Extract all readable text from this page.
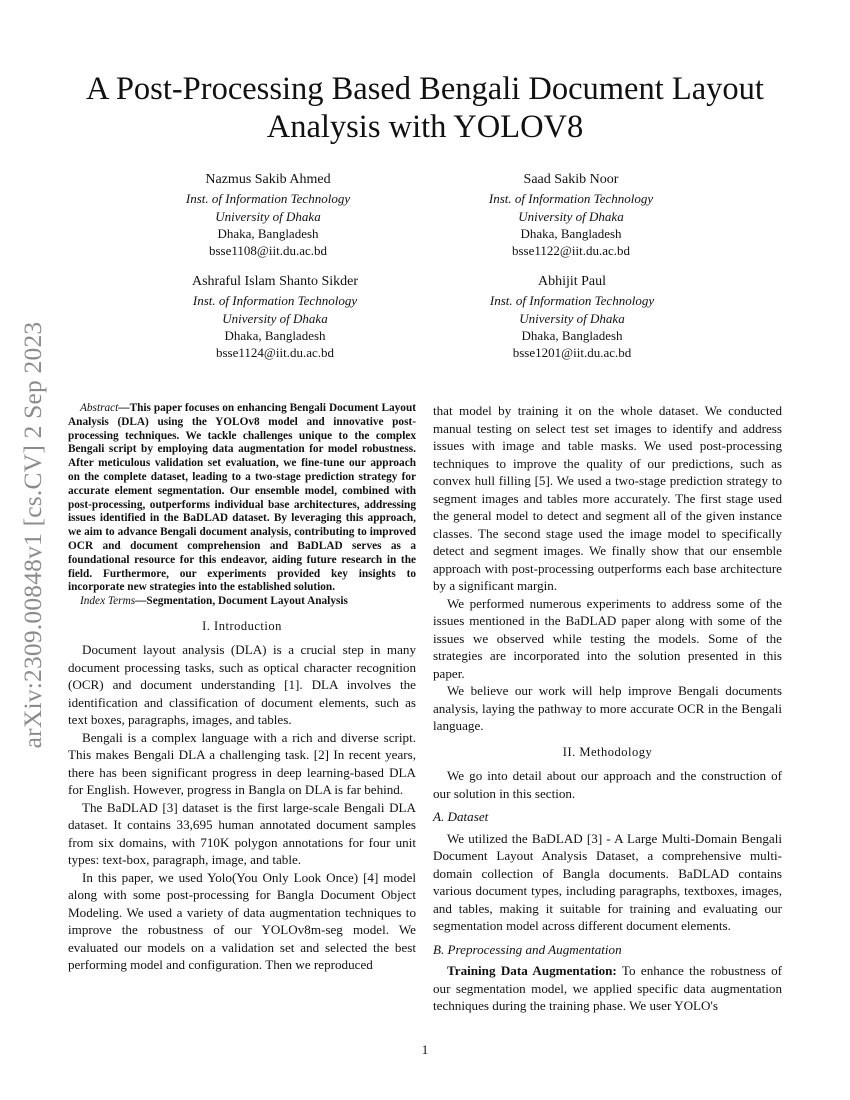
arXiv:2309.00848v1 [cs.CV] 2 Sep 2023
A Post-Processing Based Bengali Document Layout Analysis with YOLOV8
Nazmus Sakib Ahmed
Inst. of Information Technology
University of Dhaka
Dhaka, Bangladesh
bsse1108@iit.du.ac.bd
Saad Sakib Noor
Inst. of Information Technology
University of Dhaka
Dhaka, Bangladesh
bsse1122@iit.du.ac.bd
Ashraful Islam Shanto Sikder
Inst. of Information Technology
University of Dhaka
Dhaka, Bangladesh
bsse1124@iit.du.ac.bd
Abhijit Paul
Inst. of Information Technology
University of Dhaka
Dhaka, Bangladesh
bsse1201@iit.du.ac.bd

Abstract—This paper focuses on enhancing Bengali Document Layout Analysis (DLA) using the YOLOv8 model and innovative post-processing techniques. We tackle challenges unique to the complex Bengali script by employing data augmentation for model robustness. After meticulous validation set evaluation, we fine-tune our approach on the complete dataset, leading to a two-stage prediction strategy for accurate element segmentation. Our ensemble model, combined with post-processing, outperforms individual base architectures, addressing issues identified in the BaDLAD dataset. By leveraging this approach, we aim to advance Bengali document analysis, contributing to improved OCR and document comprehension and BaDLAD serves as a foundational resource for this endeavor, aiding future research in the field. Furthermore, our experiments provided key insights to incorporate new strategies into the established solution.

Index Terms—Segmentation, Document Layout Analysis

I. Introduction

Document layout analysis (DLA) is a crucial step in many document processing tasks, such as optical character recognition (OCR) and document understanding [1]. DLA involves the identification and classification of document elements, such as text boxes, paragraphs, images, and tables.

Bengali is a complex language with a rich and diverse script. This makes Bengali DLA a challenging task. [2] In recent years, there has been significant progress in deep learning-based DLA for English. However, progress in Bangla on DLA is far behind.

The BaDLAD [3] dataset is the first large-scale Bengali DLA dataset. It contains 33,695 human annotated document samples from six domains, with 710K polygon annotations for four unit types: text-box, paragraph, image, and table.

In this paper, we used Yolo(You Only Look Once) [4] model along with some post-processing for Bangla Document Object Modeling. We used a variety of data augmentation techniques to improve the robustness of our YOLOv8m-seg model. We evaluated our models on a validation set and selected the best performing model and configuration. Then we reproduced

that model by training it on the whole dataset. We conducted manual testing on select test set images to identify and address issues with image and table masks. We used post-processing techniques to improve the quality of our predictions, such as convex hull filling [5]. We used a two-stage prediction strategy to segment images and tables more accurately. The first stage used the general model to detect and segment all of the given instance classes. The second stage used the image model to specifically detect and segment images. We finally show that our ensemble approach with post-processing outperforms each base architecture by a significant margin.

We performed numerous experiments to address some of the issues mentioned in the BaDLAD paper along with some of the issues we observed while testing the models. Some of the strategies are incorporated into the solution presented in this paper.

We believe our work will help improve Bengali documents analysis, laying the pathway to more accurate OCR in the Bengali language.

II. Methodology

We go into detail about our approach and the construction of our solution in this section.

A. Dataset

We utilized the BaDLAD [3] - A Large Multi-Domain Bengali Document Layout Analysis Dataset, a comprehensive multi-domain collection of Bangla documents. BaDLAD contains various document types, including paragraphs, textboxes, images, and tables, making it suitable for training and evaluating our segmentation model across different document elements.

B. Preprocessing and Augmentation

Training Data Augmentation: To enhance the robustness of our segmentation model, we applied specific data augmentation techniques during the training phase. We user YOLO's

1
